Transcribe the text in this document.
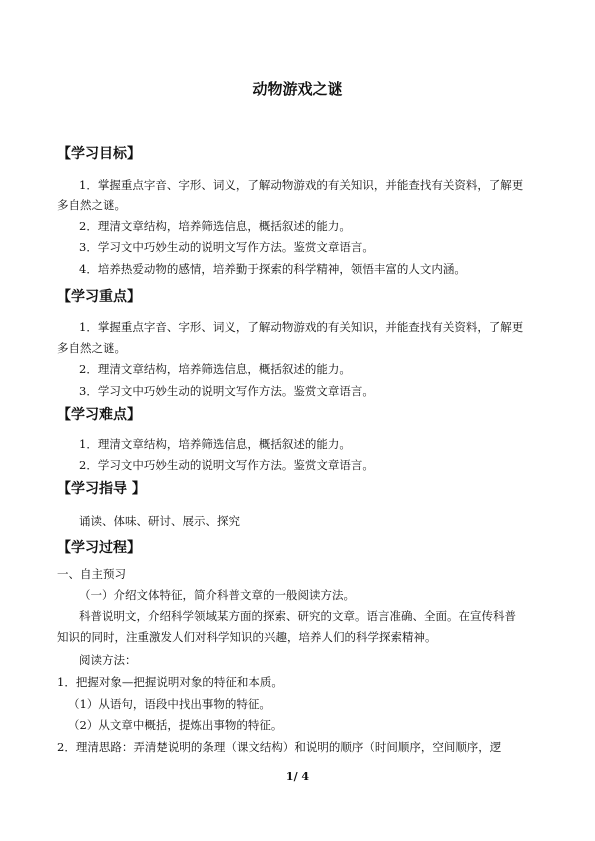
动物游戏之谜
【学习目标】
1．掌握重点字音、字形、词义，了解动物游戏的有关知识，并能查找有关资料，了解更
多自然之谜。
2．理清文章结构，培养筛选信息，概括叙述的能力。
3．学习文中巧妙生动的说明文写作方法。鉴赏文章语言。
4．培养热爱动物的感情，培养勤于探索的科学精神，领悟丰富的人文内涵。
【学习重点】
1．掌握重点字音、字形、词义，了解动物游戏的有关知识，并能查找有关资料，了解更
多自然之谜。
2．理清文章结构，培养筛选信息，概括叙述的能力。
3．学习文中巧妙生动的说明文写作方法。鉴赏文章语言。
【学习难点】
1．理清文章结构，培养筛选信息，概括叙述的能力。
2．学习文中巧妙生动的说明文写作方法。鉴赏文章语言。
【学习指导 】
诵读、体味、研讨、展示、探究
【学习过程】
一、自主预习
（一）介绍文体特征，简介科普文章的一般阅读方法。
科普说明文，介绍科学领域某方面的探索、研究的文章。语言准确、全面。在宣传科普
知识的同时，注重激发人们对科学知识的兴趣，培养人们的科学探索精神。
阅读方法：
1．把握对象—把握说明对象的特征和本质。
（1）从语句，语段中找出事物的特征。
（2）从文章中概括，提炼出事物的特征。
2．理清思路：弄清楚说明的条理（课文结构）和说明的顺序（时间顺序，空间顺序，逻
1/ 4
